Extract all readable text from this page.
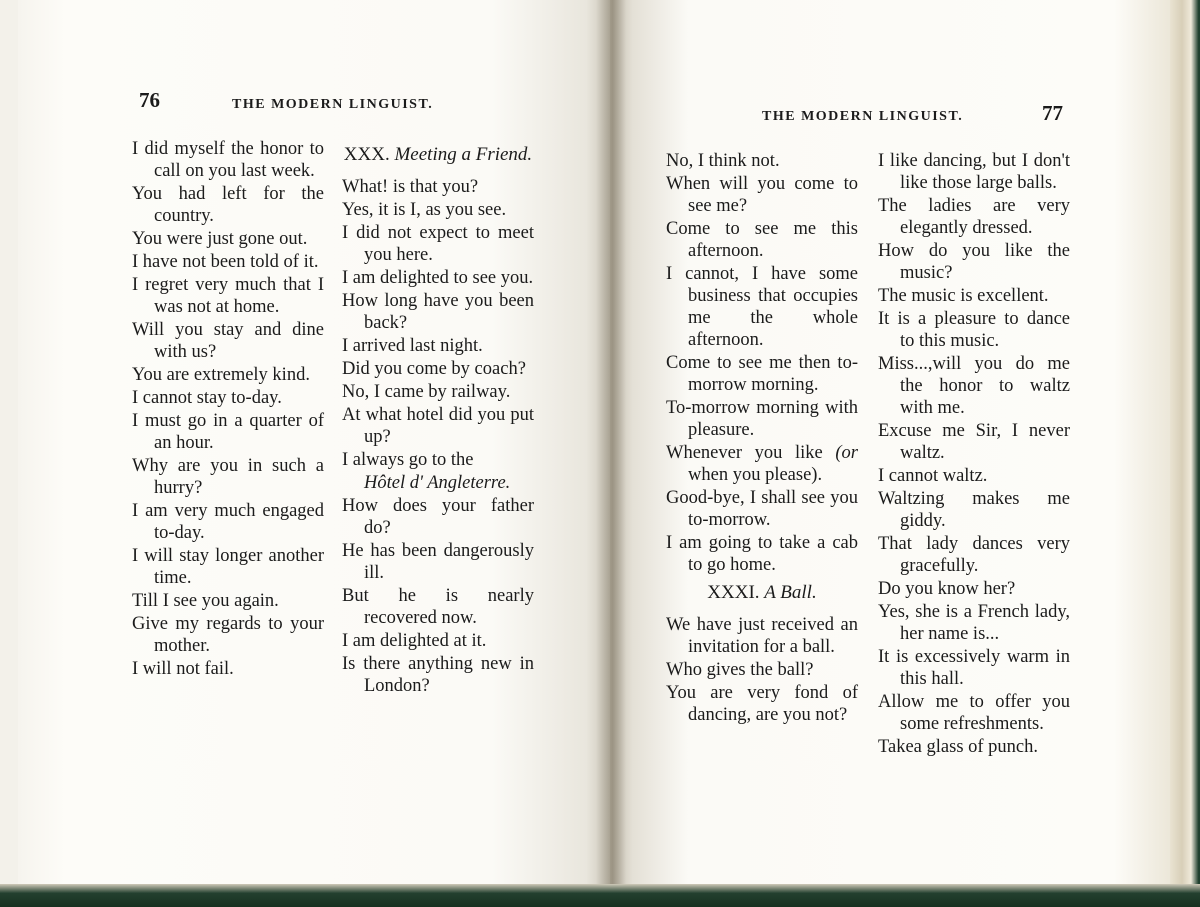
76	THE MODERN LINGUIST.

I did myself the honor to call on you last week.

You had left for the country.

You were just gone out.

I have not been told of it.

I regret very much that I was not at home.

Will you stay and dine with us?

You are extremely kind.

I cannot stay to-day.

I must go in a quarter of an hour.

Why are you in such a hurry?

I am very much engaged to-day.

I will stay longer another time.

Till I see you again.

Give my regards to your mother.

I will not fail.

XXX. Meeting a Friend.

What! is that you?

Yes, it is I, as you see.

I did not expect to meet you here.

I am delighted to see you.

How long have you been back?

I arrived last night.

Did you come by coach?

No, I came by railway.

At what hotel did you put up?

I always go to the

Hôtel d' Angleterre.

How does your father do?

He has been dangerously ill.

But he is nearly recovered now.

I am delighted at it.

Is there anything new in London?

THE MODERN LINGUIST.	77

No, I think not.

When will you come to see me?

Come to see me this afternoon.

I cannot, I have some business that occupies me the whole afternoon.

Come to see me then to-morrow morning.

To-morrow morning with pleasure.

Whenever you like (or when you please).

Good-bye, I shall see you to-morrow.

I am going to take a cab to go home.

XXXI. A Ball.

We have just received an invitation for a ball.

Who gives the ball?

You are very fond of dancing, are you not?

I like dancing, but I don't like those large balls.

The ladies are very elegantly dressed.

How do you like the music?

The music is excellent.

It is a pleasure to dance to this music.

Miss...,will you do me the honor to waltz with me.

Excuse me Sir, I never waltz.

I cannot waltz.

Waltzing makes me giddy.

That lady dances very gracefully.

Do you know her?

Yes, she is a French lady, her name is...

It is excessively warm in this hall.

Allow me to offer you some refreshments.

Takea glass of punch.
